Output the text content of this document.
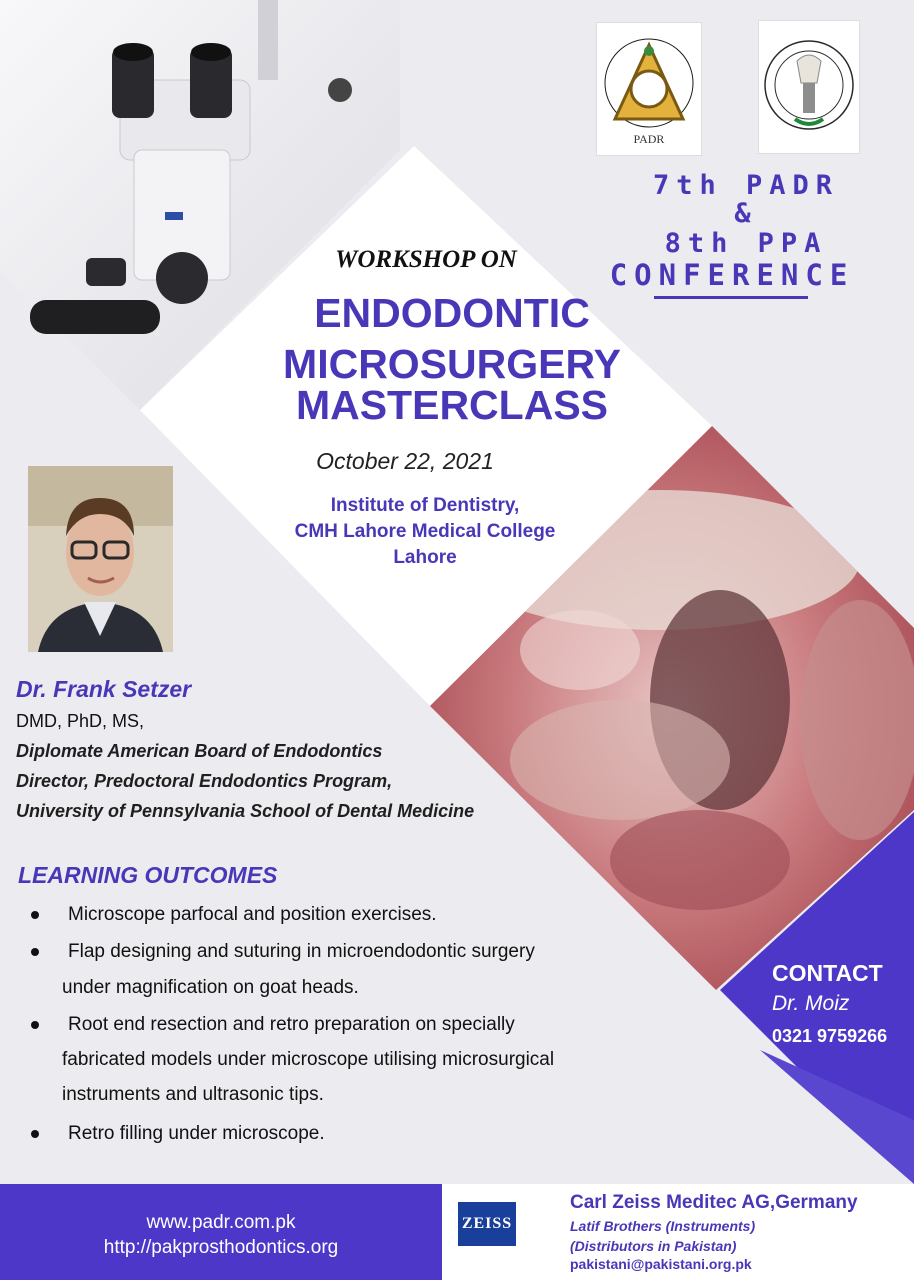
PADR
7th PADR
&
8th PPA
CONFERENCE
WORKSHOP ON
ENDODONTIC
MICROSURGERY
MASTERCLASS
October 22, 2021
Institute of Dentistry,
CMH Lahore Medical College
Lahore
Dr. Frank Setzer
DMD, PhD, MS,
Diplomate American Board of Endodontics
Director, Predoctoral Endodontics Program,
University of Pennsylvania School of Dental Medicine
LEARNING OUTCOMES
Microscope parfocal and position exercises.
Flap designing and suturing in microendodontic surgery
under magnification on goat heads.
Root end resection and retro preparation on specially
fabricated models under microscope utilising microsurgical
instruments and ultrasonic tips.
Retro filling under microscope.
CONTACT
Dr. Moiz
0321 9759266
www.padr.com.pk
http://pakprosthodontics.org
ZEISS
Carl Zeiss Meditec AG,Germany
Latif Brothers (Instruments)
(Distributors in Pakistan)
pakistani@pakistani.org.pk
